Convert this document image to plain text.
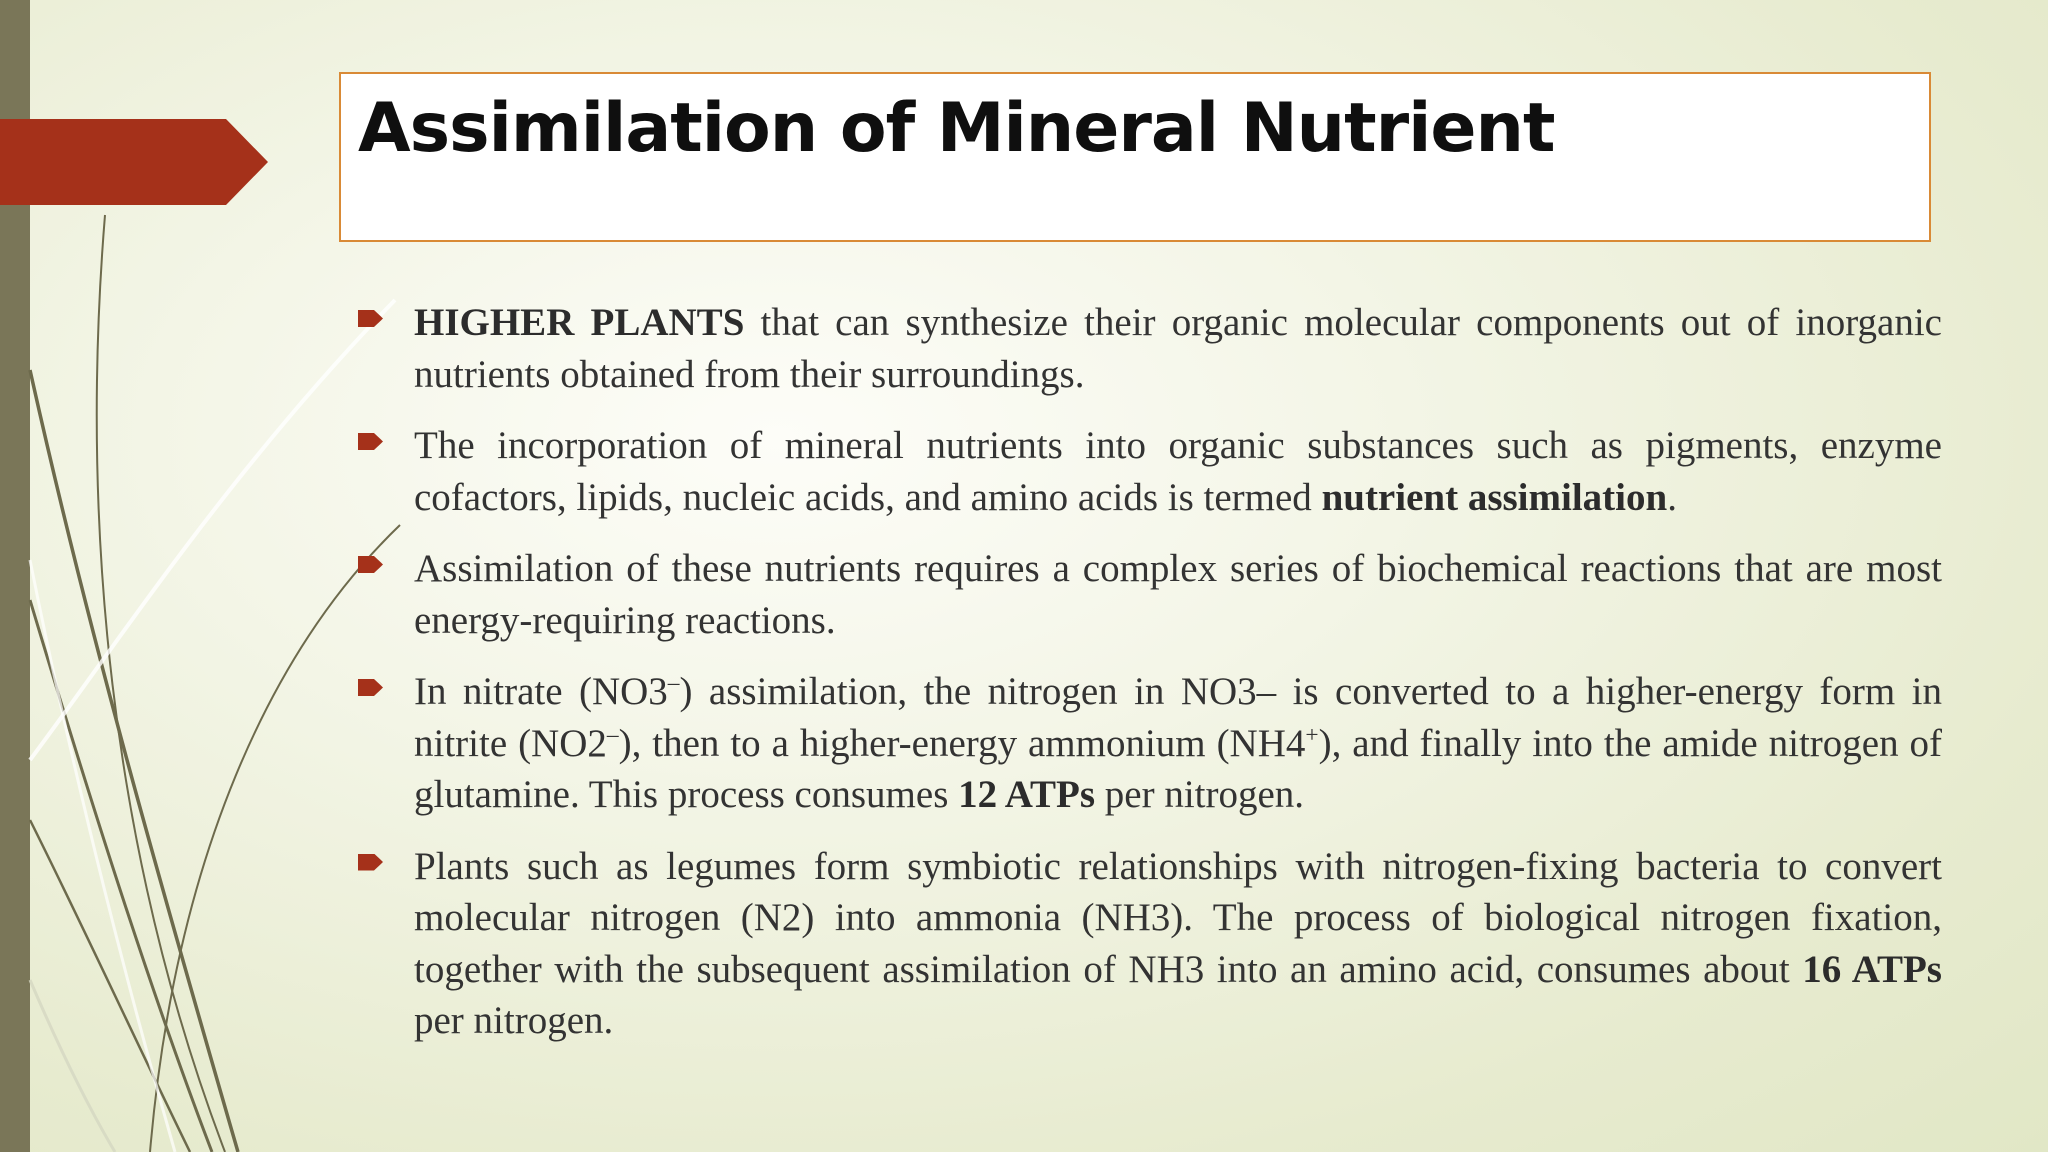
Assimilation of Mineral Nutrient

HIGHER PLANTS that can synthesize their organic molecular components out of inorganic nutrients obtained from their surroundings.

The incorporation of mineral nutrients into organic substances such as pigments, enzyme cofactors, lipids, nucleic acids, and amino acids is termed nutrient assimilation.

Assimilation of these nutrients requires a complex series of biochemical reactions that are most energy-requiring reactions.

In nitrate (NO3–) assimilation, the nitrogen in NO3– is converted to a higher-energy form in nitrite (NO2–), then to a higher-energy ammonium (NH4+), and finally into the amide nitrogen of glutamine. This process consumes 12 ATPs per nitrogen.

Plants such as legumes form symbiotic relationships with nitrogen-fixing bacteria to convert molecular nitrogen (N2) into ammonia (NH3). The process of biological nitrogen fixation, together with the subsequent assimilation of NH3 into an amino acid, consumes about 16 ATPs per nitrogen.
